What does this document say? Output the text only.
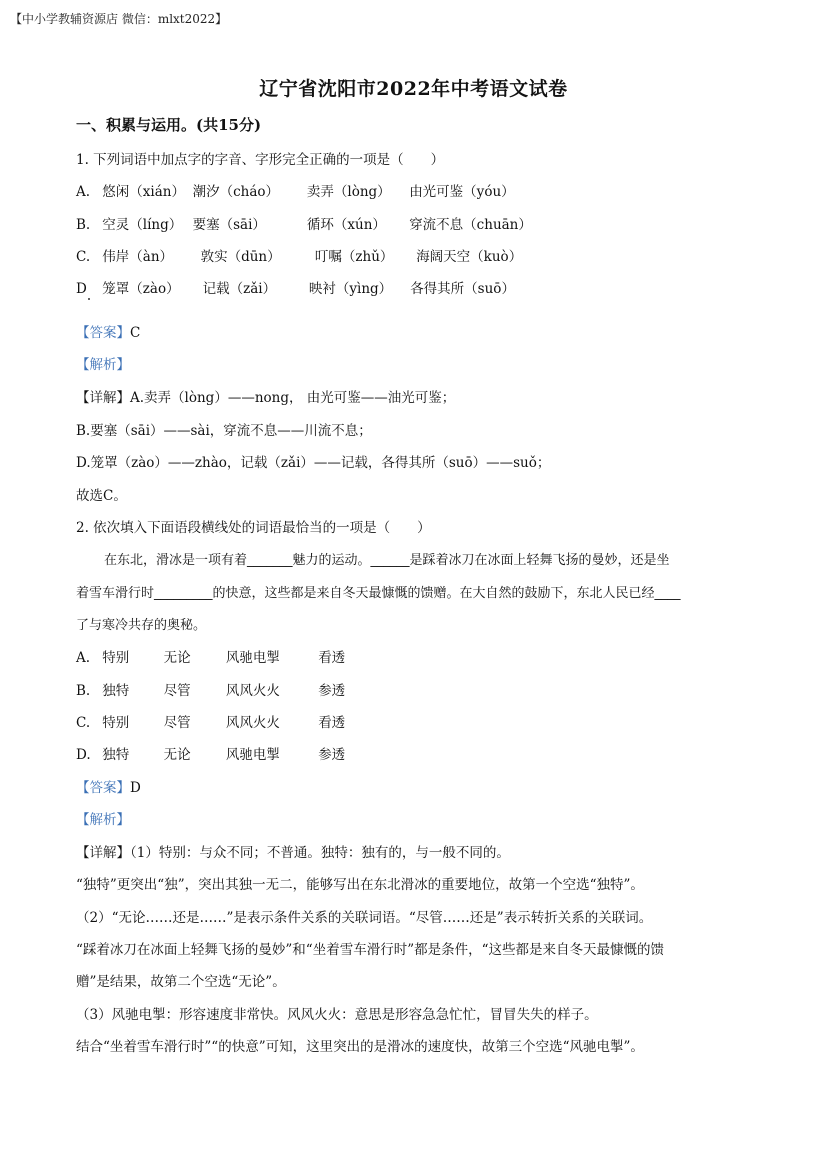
【中小学教辅资源店 微信：mlxt2022】
辽宁省沈阳市2022年中考语文试卷
一、积累与运用。(共15分)
1. 下列词语中加点字的字音、字形完全正确的一项是（　　）
A. 悠闲（xián） 潮汐（cháo） 卖弄（lòng） 由光可鉴（yóu）
B. 空灵（líng） 要塞（sāi）	循环（xún） 穿流不息（chuān）
C. 伟岸（àn） 敦实（dūn）	叮嘱（zhǔ） 海阔天空（kuò）
D 笼罩（zào） 记载（zǎi） 映衬（yìng） 各得其所（suō）
【答案】C
【解析】
【详解】A.卖弄（lòng）——nong， 由光可鉴——油光可鉴；
B.要塞（sāi）——sài，穿流不息——川流不息；
D.笼罩（zào）——zhào，记载（zǎi）——记载，各得其所（suō）——suǒ；
故选C。
2. 依次填入下面语段横线处的词语最恰当的一项是（　　）
在东北，滑冰是一项有着_______魅力的运动。______是踩着冰刀在冰面上轻舞飞扬的曼妙，还是坐
着雪车滑行时_________的快意，这些都是来自冬天最慷慨的馈赠。在大自然的鼓励下，东北人民已经____
了与寒冷共存的奥秘。
A. 特别	无论	风驰电掣	看透
B. 独特	尽管	风风火火	参透
C. 特别	尽管	风风火火	看透
D. 独特	无论	风驰电掣	参透
【答案】D
【解析】
【详解】（1）特别：与众不同；不普通。独特：独有的，与一般不同的。
“独特”更突出“独”，突出其独一无二，能够写出在东北滑冰的重要地位，故第一个空选“独特”。
（2）“无论……还是……”是表示条件关系的关联词语。“尽管……还是”表示转折关系的关联词。
“踩着冰刀在冰面上轻舞飞扬的曼妙”和“坐着雪车滑行时”都是条件，“这些都是来自冬天最慷慨的馈
赠”是结果，故第二个空选“无论”。
（3）风驰电掣：形容速度非常快。风风火火：意思是形容急急忙忙，冒冒失失的样子。
结合“坐着雪车滑行时”“的快意”可知，这里突出的是滑冰的速度快，故第三个空选“风驰电掣”。
